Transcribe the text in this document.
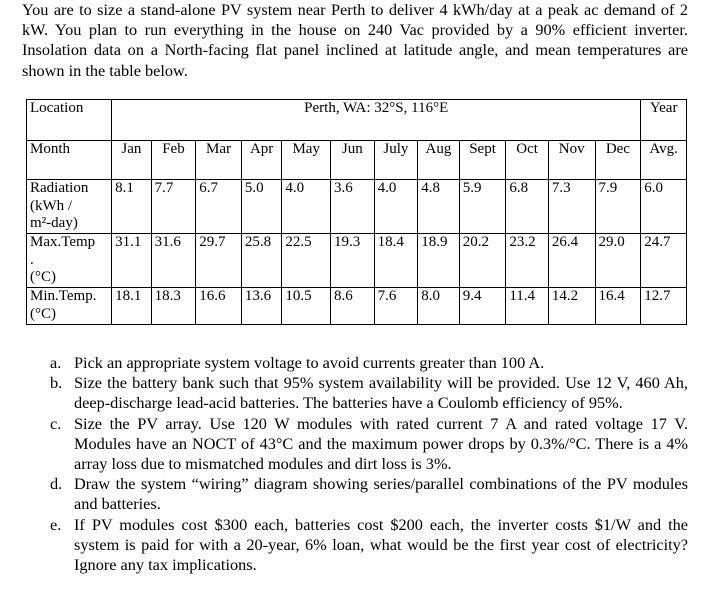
You are to size a stand-alone PV system near Perth to deliver 4 kWh/day at a peak ac demand of 2 kW. You plan to run everything in the house on 240 Vac provided by a 90% efficient inverter. Insolation data on a North-facing flat panel inclined at latitude angle, and mean temperatures are shown in the table below.

Location	Perth, WA: 32°S, 116°E												Year
Month	Jan	Feb	Mar	Apr	May	Jun	July	Aug	Sept	Oct	Nov	Dec	Avg.
Radiation
(kWh /
m²-day)	8.1	7.7	6.7	5.0	4.0	3.6	4.0	4.8	5.9	6.8	7.3	7.9	6.0
Max.Temp
.
(°C)	31.1	31.6	29.7	25.8	22.5	19.3	18.4	18.9	20.2	23.2	26.4	29.0	24.7
Min.Temp.
(°C)	18.1	18.3	16.6	13.6	10.5	8.6	7.6	8.0	9.4	11.4	14.2	16.4	12.7
a. Pick an appropriate system voltage to avoid currents greater than 100 A.
b. Size the battery bank such that 95% system availability will be provided. Use 12 V, 460 Ah, deep-discharge lead-acid batteries. The batteries have a Coulomb efficiency of 95%.
c. Size the PV array. Use 120 W modules with rated current 7 A and rated voltage 17 V. Modules have an NOCT of 43°C and the maximum power drops by 0.3%/°C. There is a 4% array loss due to mismatched modules and dirt loss is 3%.
d. Draw the system “wiring” diagram showing series/parallel combinations of the PV modules and batteries.
e. If PV modules cost $300 each, batteries cost $200 each, the inverter costs $1/W and the system is paid for with a 20-year, 6% loan, what would be the first year cost of electricity? Ignore any tax implications.
